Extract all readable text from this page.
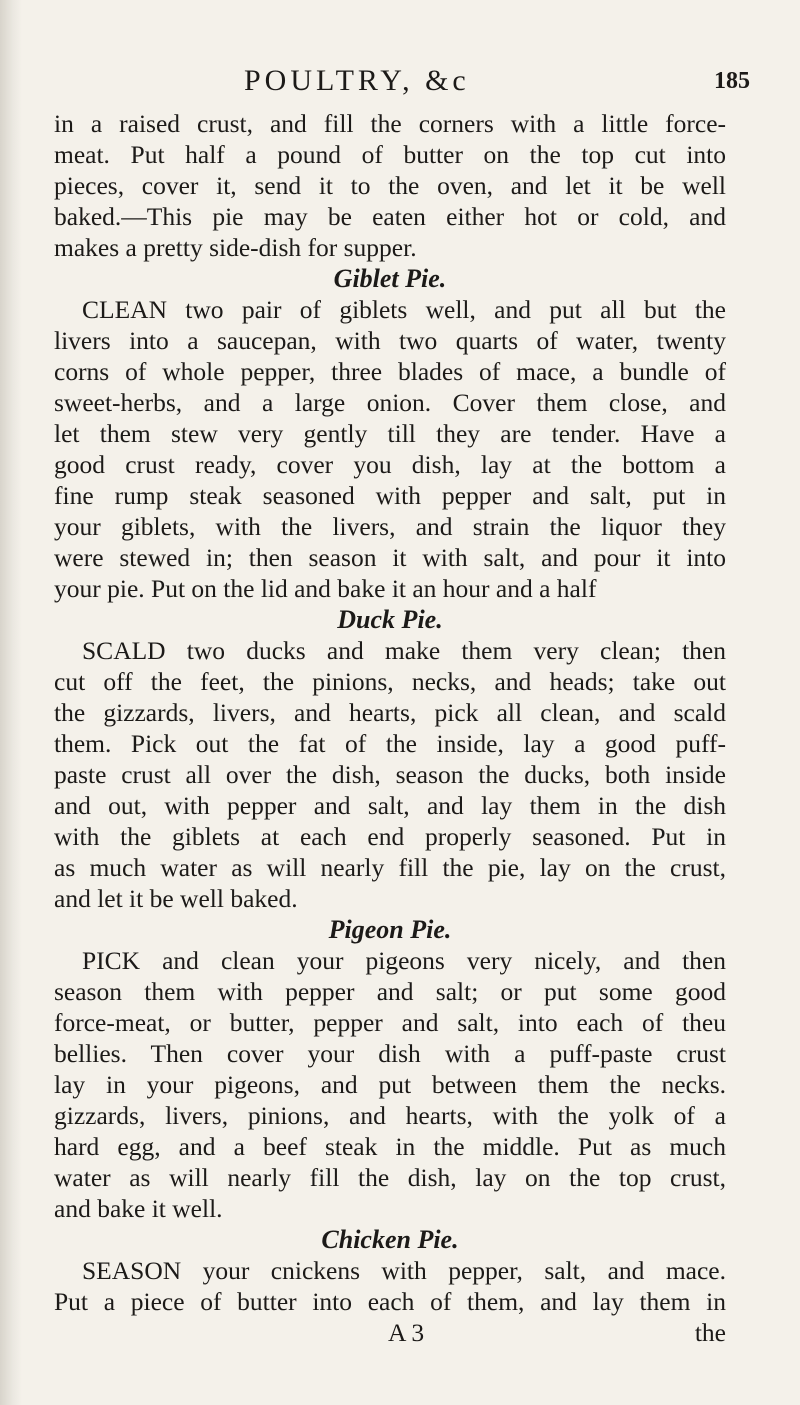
POULTRY, &c	185
in a raised crust, and fill the corners with a little force-
meat. Put half a pound of butter on the top cut into
pieces, cover it, send it to the oven, and let it be well
baked.—This pie may be eaten either hot or cold, and
makes a pretty side-dish for supper.
Giblet Pie.
CLEAN two pair of giblets well, and put all but the
livers into a saucepan, with two quarts of water, twenty
corns of whole pepper, three blades of mace, a bundle of
sweet-herbs, and a large onion. Cover them close, and
let them stew very gently till they are tender. Have a
good crust ready, cover you dish, lay at the bottom a
fine rump steak seasoned with pepper and salt, put in
your giblets, with the livers, and strain the liquor they
were stewed in; then season it with salt, and pour it into
your pie. Put on the lid and bake it an hour and a half
Duck Pie.
SCALD two ducks and make them very clean; then
cut off the feet, the pinions, necks, and heads; take out
the gizzards, livers, and hearts, pick all clean, and scald
them. Pick out the fat of the inside, lay a good puff-
paste crust all over the dish, season the ducks, both inside
and out, with pepper and salt, and lay them in the dish
with the giblets at each end properly seasoned. Put in
as much water as will nearly fill the pie, lay on the crust,
and let it be well baked.
Pigeon Pie.
PICK and clean your pigeons very nicely, and then
season them with pepper and salt; or put some good
force-meat, or butter, pepper and salt, into each of theu
bellies. Then cover your dish with a puff-paste crust
lay in your pigeons, and put between them the necks.
gizzards, livers, pinions, and hearts, with the yolk of a
hard egg, and a beef steak in the middle. Put as much
water as will nearly fill the dish, lay on the top crust,
and bake it well.
Chicken Pie.
SEASON your cnickens with pepper, salt, and mace.
Put a piece of butter into each of them, and lay them in
A 3	the
